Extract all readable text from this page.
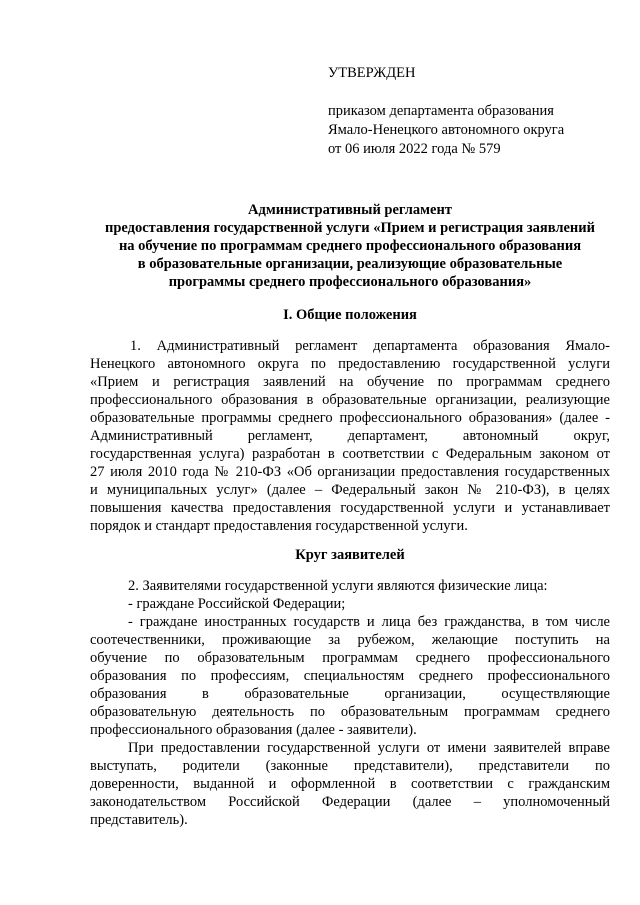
УТВЕРЖДЕН
приказом департамента образования
Ямало-Ненецкого автономного округа
от 06 июля 2022 года № 579
Административный регламент
предоставления государственной услуги «Прием и регистрация заявлений
на обучение по программам среднего профессионального образования
в образовательные организации, реализующие образовательные
программы среднего профессионального образования»
I. Общие положения
1. Административный регламент департамента образования Ямало-
Ненецкого автономного округа по предоставлению государственной услуги
«Прием и регистрация заявлений на обучение по программам среднего
профессионального образования в образовательные организации, реализующие
образовательные программы среднего профессионального образования» (далее -
Административный регламент, департамент, автономный округ,
государственная услуга) разработан в соответствии с Федеральным законом от
27 июля 2010 года № 210-ФЗ «Об организации предоставления государственных
и муниципальных услуг» (далее – Федеральный закон № 210-ФЗ), в целях
повышения качества предоставления государственной услуги и устанавливает
порядок и стандарт предоставления государственной услуги.
Круг заявителей
2. Заявителями государственной услуги являются физические лица:
- граждане Российской Федерации;
- граждане иностранных государств и лица без гражданства, в том числе
соотечественники, проживающие за рубежом, желающие поступить на
обучение по образовательным программам среднего профессионального
образования по профессиям, специальностям среднего профессионального
образования в образовательные организации, осуществляющие
образовательную деятельность по образовательным программам среднего
профессионального образования (далее - заявители).
При предоставлении государственной услуги от имени заявителей вправе
выступать, родители (законные представители), представители по
доверенности, выданной и оформленной в соответствии с гражданским
законодательством Российской Федерации (далее – уполномоченный
представитель).
